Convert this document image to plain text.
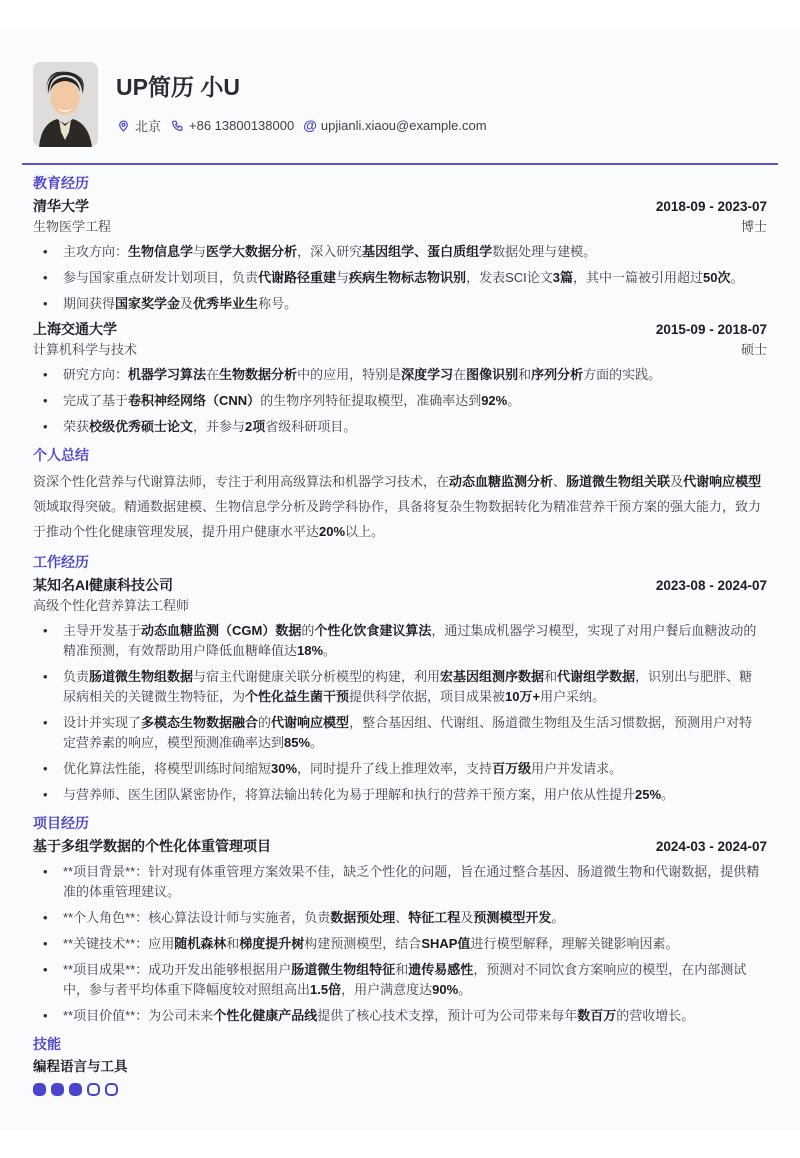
UP简历 小U
北京 +86 13800138000 @ upjianli.xiaou@example.com
教育经历
清华大学	2018-09 - 2023-07
生物医学工程	博士
•	主攻方向：生物信息学与医学大数据分析，深入研究基因组学、蛋白质组学数据处理与建模。
•	参与国家重点研发计划项目，负责代谢路径重建与疾病生物标志物识别，发表SCI论文3篇，其中一篇被引用超过50次。
•	期间获得国家奖学金及优秀毕业生称号。
上海交通大学	2015-09 - 2018-07
计算机科学与技术	硕士
•	研究方向：机器学习算法在生物数据分析中的应用，特别是深度学习在图像识别和序列分析方面的实践。
•	完成了基于卷积神经网络（CNN）的生物序列特征提取模型，准确率达到92%。
•	荣获校级优秀硕士论文，并参与2项省级科研项目。
个人总结

资深个性化营养与代谢算法师，专注于利用高级算法和机器学习技术，在动态血糖监测分析、肠道微生物组关联及代谢响应模型领域取得突破。精通数据建模、生物信息学分析及跨学科协作，具备将复杂生物数据转化为精准营养干预方案的强大能力，致力于推动个性化健康管理发展，提升用户健康水平达20%以上。

工作经历
某知名AI健康科技公司	2023-08 - 2024-07
高级个性化营养算法工程师
•	主导开发基于动态血糖监测（CGM）数据的个性化饮食建议算法，通过集成机器学习模型，实现了对用户餐后血糖波动的精准预测，有效帮助用户降低血糖峰值达18%。
•	负责肠道微生物组数据与宿主代谢健康关联分析模型的构建，利用宏基因组测序数据和代谢组学数据，识别出与肥胖、糖尿病相关的关键微生物特征，为个性化益生菌干预提供科学依据，项目成果被10万+用户采纳。
•	设计并实现了多模态生物数据融合的代谢响应模型，整合基因组、代谢组、肠道微生物组及生活习惯数据，预测用户对特定营养素的响应，模型预测准确率达到85%。
•	优化算法性能，将模型训练时间缩短30%，同时提升了线上推理效率，支持百万级用户并发请求。
•	与营养师、医生团队紧密协作，将算法输出转化为易于理解和执行的营养干预方案，用户依从性提升25%。
项目经历
基于多组学数据的个性化体重管理项目	2024-03 - 2024-07
•	**项目背景**：针对现有体重管理方案效果不佳，缺乏个性化的问题，旨在通过整合基因、肠道微生物和代谢数据，提供精准的体重管理建议。
•	**个人角色**：核心算法设计师与实施者，负责数据预处理、特征工程及预测模型开发。
•	**关键技术**：应用随机森林和梯度提升树构建预测模型，结合SHAP值进行模型解释，理解关键影响因素。
•	**项目成果**：成功开发出能够根据用户肠道微生物组特征和遗传易感性，预测对不同饮食方案响应的模型，在内部测试中，参与者平均体重下降幅度较对照组高出1.5倍，用户满意度达90%。
•	**项目价值**：为公司未来个性化健康产品线提供了核心技术支撑，预计可为公司带来每年数百万的营收增长。
技能
编程语言与工具
